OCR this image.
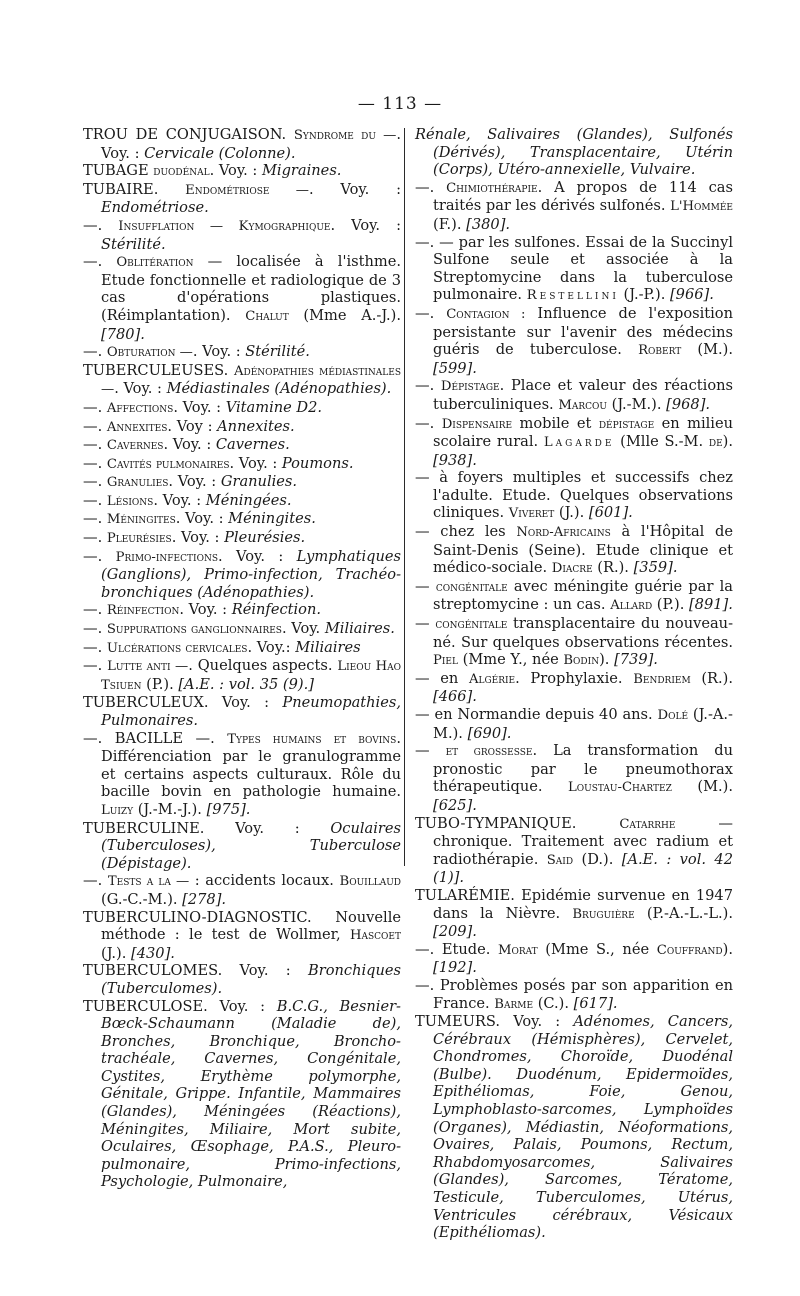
— 113 —

TROU DE CONJUGAISON. Syndrome du —. Voy. : Cervicale (Colonne).

TUBAGE duodénal. Voy. : Migraines.

TUBAIRE. Endométriose —. Voy. : Endométriose.

—. Insufflation — Kymographique. Voy. : Stérilité.

—. Oblitération — localisée à l'isthme. Etude fonctionnelle et radiologique de 3 cas d'opérations plastiques. (Réimplantation). Chalut (Mme A.-J.). [780].

—. Obturation —. Voy. : Stérilité.

TUBERCULEUSES. Adénopathies médiastinales —. Voy. : Médiastinales (Adénopathies).

—. Affections. Voy. : Vitamine D2.

—. Annexites. Voy : Annexites.

—. Cavernes. Voy. : Cavernes.

—. Cavités pulmonaires. Voy. : Poumons.

—. Granulies. Voy. : Granulies.

—. Lésions. Voy. : Méningées.

—. Méningites. Voy. : Méningites.

—. Pleurésies. Voy. : Pleurésies.

—. Primo-infections. Voy. : Lymphatiques (Ganglions), Primo-infection, Trachéo-bronchiques (Adénopathies).

—. Réinfection. Voy. : Réinfection.

—. Suppurations ganglionnaires. Voy. Miliaires.

—. Ulcérations cervicales. Voy.: Miliaires

—. Lutte anti —. Quelques aspects. Lieou Hao Tsiuen (P.). [A.E. : vol. 35 (9).]

TUBERCULEUX. Voy. : Pneumopathies, Pulmonaires.

—. BACILLE —. Types humains et bovins. Différenciation par le granulogramme et certains aspects culturaux. Rôle du bacille bovin en pathologie humaine. Luizy (J.-M.-J.). [975].

TUBERCULINE. Voy. : Oculaires (Tuberculoses), Tuberculose (Dépistage).

—. Tests a la — : accidents locaux. Bouillaud (G.-C.-M.). [278].

TUBERCULINO-DIAGNOSTIC. Nouvelle méthode : le test de Wollmer, Hascoet (J.). [430].

TUBERCULOMES. Voy. : Bronchiques (Tuberculomes).

TUBERCULOSE. Voy. : B.C.G., Besnier-Bœck-Schaumann (Maladie de), Bronches, Bronchique, Broncho-trachéale, Cavernes, Congénitale, Cystites, Erythème polymorphe, Génitale, Grippe. Infantile, Mammaires (Glandes), Méningées (Réactions), Méningites, Miliaire, Mort subite, Oculaires, Œsophage, P.A.S., Pleuro-pulmonaire, Primo-infections, Psychologie, Pulmonaire,

Rénale, Salivaires (Glandes), Sulfonés (Dérivés), Transplacentaire, Utérin (Corps), Utéro-annexielle, Vulvaire.

—. Chimiothérapie. A propos de 114 cas traités par les dérivés sulfonés. L'Hommée (F.). [380].

—. — par les sulfones. Essai de la Succinyl Sulfone seule et associée à la Streptomycine dans la tuberculose pulmonaire. Restellini (J.-P.). [966].

—. Contagion : Influence de l'exposition persistante sur l'avenir des médecins guéris de tuberculose. Robert (M.). [599].

—. Dépistage. Place et valeur des réactions tuberculiniques. Marcou (J.-M.). [968].

—. Dispensaire mobile et dépistage en milieu scolaire rural. Lagarde (Mlle S.-M. de). [938].

— à foyers multiples et successifs chez l'adulte. Etude. Quelques observations cliniques. Viveret (J.). [601].

— chez les Nord-Africains à l'Hôpital de Saint-Denis (Seine). Etude clinique et médico-sociale. Diacre (R.). [359].

— congénitale avec méningite guérie par la streptomycine : un cas. Allard (P.). [891].

— congénitale transplacentaire du nouveau-né. Sur quelques observations récentes. Piel (Mme Y., née Bodin). [739].

— en Algérie. Prophylaxie. Bendriem (R.). [466].

— en Normandie depuis 40 ans. Dolé (J.-A.-M.). [690].

— et grossesse. La transformation du pronostic par le pneumothorax thérapeutique. Loustau-Chartez (M.). [625].

TUBO-TYMPANIQUE. Catarrhe — chronique. Traitement avec radium et radiothérapie. Said (D.). [A.E. : vol. 42 (1)].

TULARÉMIE. Epidémie survenue en 1947 dans la Nièvre. Bruguière (P.-A.-L.-L.). [209].

—. Etude. Morat (Mme S., née Couffrand). [192].

—. Problèmes posés par son apparition en France. Barme (C.). [617].

TUMEURS. Voy. : Adénomes, Cancers, Cérébraux (Hémisphères), Cervelet, Chondromes, Choroïde, Duodénal (Bulbe). Duodénum, Epidermoïdes, Epithéliomas, Foie, Genou, Lymphoblasto-sarcomes, Lymphoïdes (Organes), Médiastin, Néoformations, Ovaires, Palais, Poumons, Rectum, Rhabdomyosarcomes, Salivaires (Glandes), Sarcomes, Tératome, Testicule, Tuberculomes, Utérus, Ventricules cérébraux, Vésicaux (Epithéliomas).
